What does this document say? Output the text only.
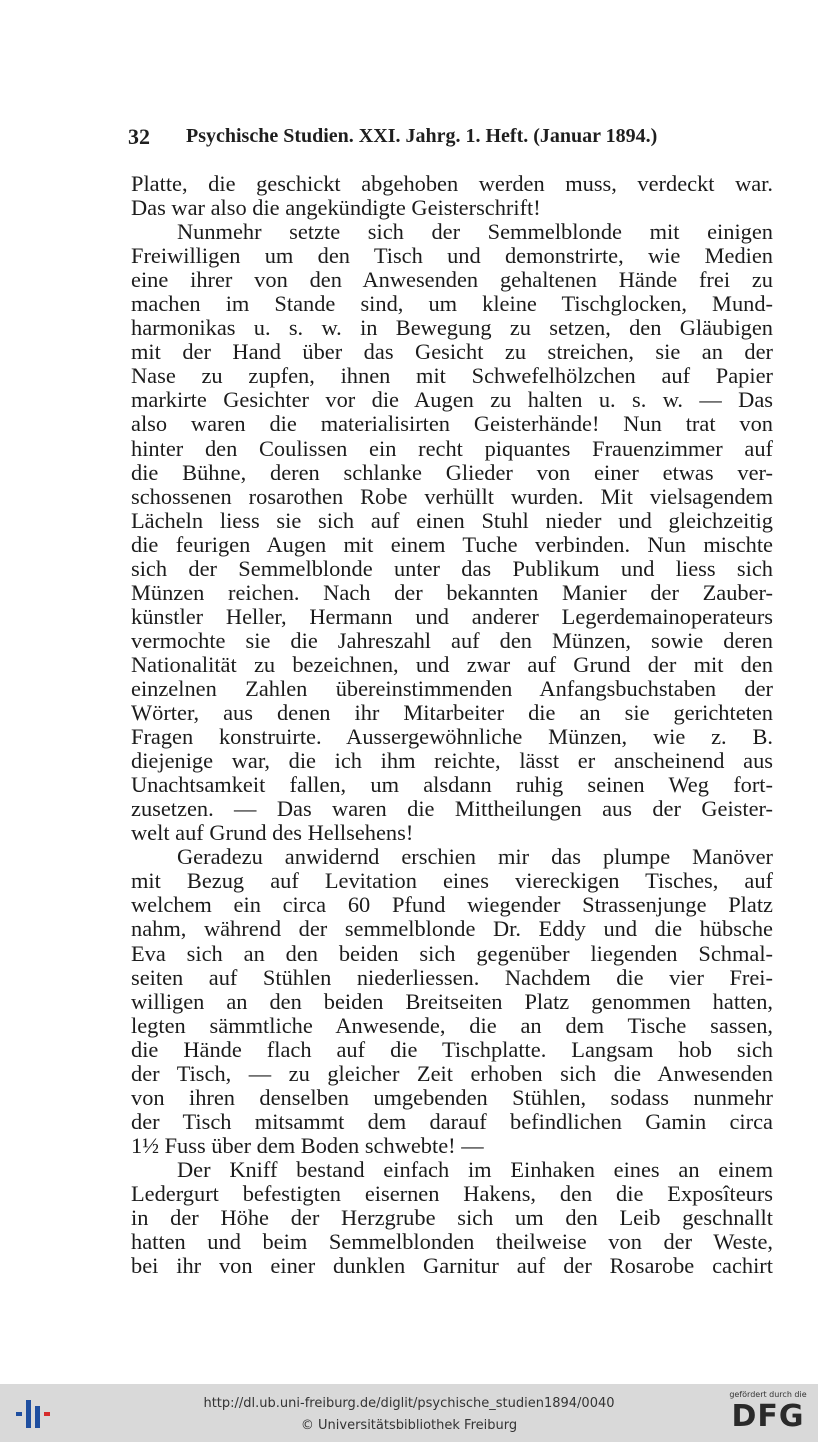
32 Psychische Studien. XXI. Jahrg. 1. Heft. (Januar 1894.)
Platte, die geschickt abgehoben werden muss, verdeckt war.
Das war also die angekündigte Geisterschrift!
Nunmehr setzte sich der Semmelblonde mit einigen
Freiwilligen um den Tisch und demonstrirte, wie Medien
eine ihrer von den Anwesenden gehaltenen Hände frei zu
machen im Stande sind, um kleine Tischglocken, Mund-
harmonikas u. s. w. in Bewegung zu setzen, den Gläubigen
mit der Hand über das Gesicht zu streichen, sie an der
Nase zu zupfen, ihnen mit Schwefelhölzchen auf Papier
markirte Gesichter vor die Augen zu halten u. s. w. — Das
also waren die materialisirten Geisterhände! Nun trat von
hinter den Coulissen ein recht piquantes Frauenzimmer auf
die Bühne, deren schlanke Glieder von einer etwas ver-
schossenen rosarothen Robe verhüllt wurden. Mit vielsagendem
Lächeln liess sie sich auf einen Stuhl nieder und gleichzeitig
die feurigen Augen mit einem Tuche verbinden. Nun mischte
sich der Semmelblonde unter das Publikum und liess sich
Münzen reichen. Nach der bekannten Manier der Zauber-
künstler Heller, Hermann und anderer Legerdemainoperateurs
vermochte sie die Jahreszahl auf den Münzen, sowie deren
Nationalität zu bezeichnen, und zwar auf Grund der mit den
einzelnen Zahlen übereinstimmenden Anfangsbuchstaben der
Wörter, aus denen ihr Mitarbeiter die an sie gerichteten
Fragen konstruirte. Aussergewöhnliche Münzen, wie z. B.
diejenige war, die ich ihm reichte, lässt er anscheinend aus
Unachtsamkeit fallen, um alsdann ruhig seinen Weg fort-
zusetzen. — Das waren die Mittheilungen aus der Geister-
welt auf Grund des Hellsehens!
Geradezu anwidernd erschien mir das plumpe Manöver
mit Bezug auf Levitation eines viereckigen Tisches, auf
welchem ein circa 60 Pfund wiegender Strassenjunge Platz
nahm, während der semmelblonde Dr. Eddy und die hübsche
Eva sich an den beiden sich gegenüber liegenden Schmal-
seiten auf Stühlen niederliessen. Nachdem die vier Frei-
willigen an den beiden Breitseiten Platz genommen hatten,
legten sämmtliche Anwesende, die an dem Tische sassen,
die Hände flach auf die Tischplatte. Langsam hob sich
der Tisch, — zu gleicher Zeit erhoben sich die Anwesenden
von ihren denselben umgebenden Stühlen, sodass nunmehr
der Tisch mitsammt dem darauf befindlichen Gamin circa
1½ Fuss über dem Boden schwebte! —
Der Kniff bestand einfach im Einhaken eines an einem
Ledergurt befestigten eisernen Hakens, den die Exposîteurs
in der Höhe der Herzgrube sich um den Leib geschnallt
hatten und beim Semmelblonden theilweise von der Weste,
bei ihr von einer dunklen Garnitur auf der Rosarobe cachirt
http://dl.ub.uni-freiburg.de/diglit/psychische_studien1894/0040
© Universitätsbibliothek Freiburg
gefördert durch die
DFG
